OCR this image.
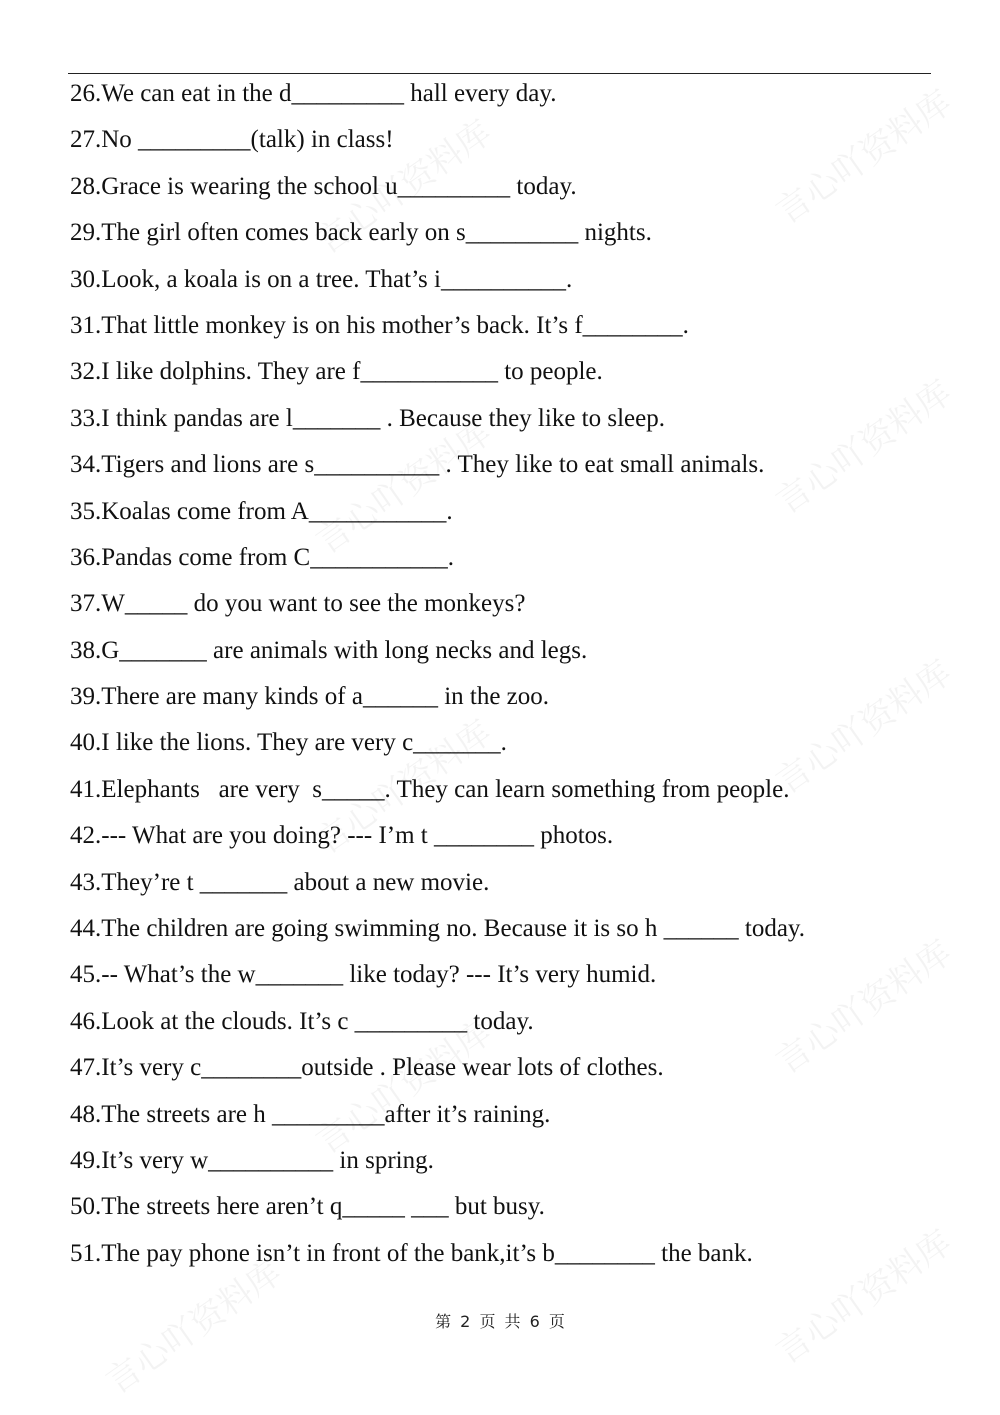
26.We can eat in the d_________ hall every day.
27.No _________(talk) in class!
28.Grace is wearing the school u_________ today.
29.The girl often comes back early on s_________ nights.
30.Look, a koala is on a tree. That’s i__________.
31.That little monkey is on his mother’s back. It’s f________.
32.I like dolphins. They are f___________ to people.
33.I think pandas are l_______ . Because they like to sleep.
34.Tigers and lions are s__________ . They like to eat small animals.
35.Koalas come from A___________.
36.Pandas come from C___________.
37.W_____ do you want to see the monkeys?
38.G_______ are animals with long necks and legs.
39.There are many kinds of a______ in the zoo.
40.I like the lions. They are very c_______.
41.Elephants   are very  s_____. They can learn something from people.
42.--- What are you doing? --- I’m t ________ photos.
43.They’re t _______ about a new movie.
44.The children are going swimming no. Because it is so h ______ today.
45.-- What’s the w_______ like today? --- It’s very humid.
46.Look at the clouds. It’s c _________ today.
47.It’s very c________outside . Please wear lots of clothes.
48.The streets are h _________after it’s raining.
49.It’s very w__________ in spring.
50.The streets here aren’t q_____ ___ but busy.
51.The pay phone isn’t in front of the bank,it’s b________ the bank.
第 2 页 共 6 页
